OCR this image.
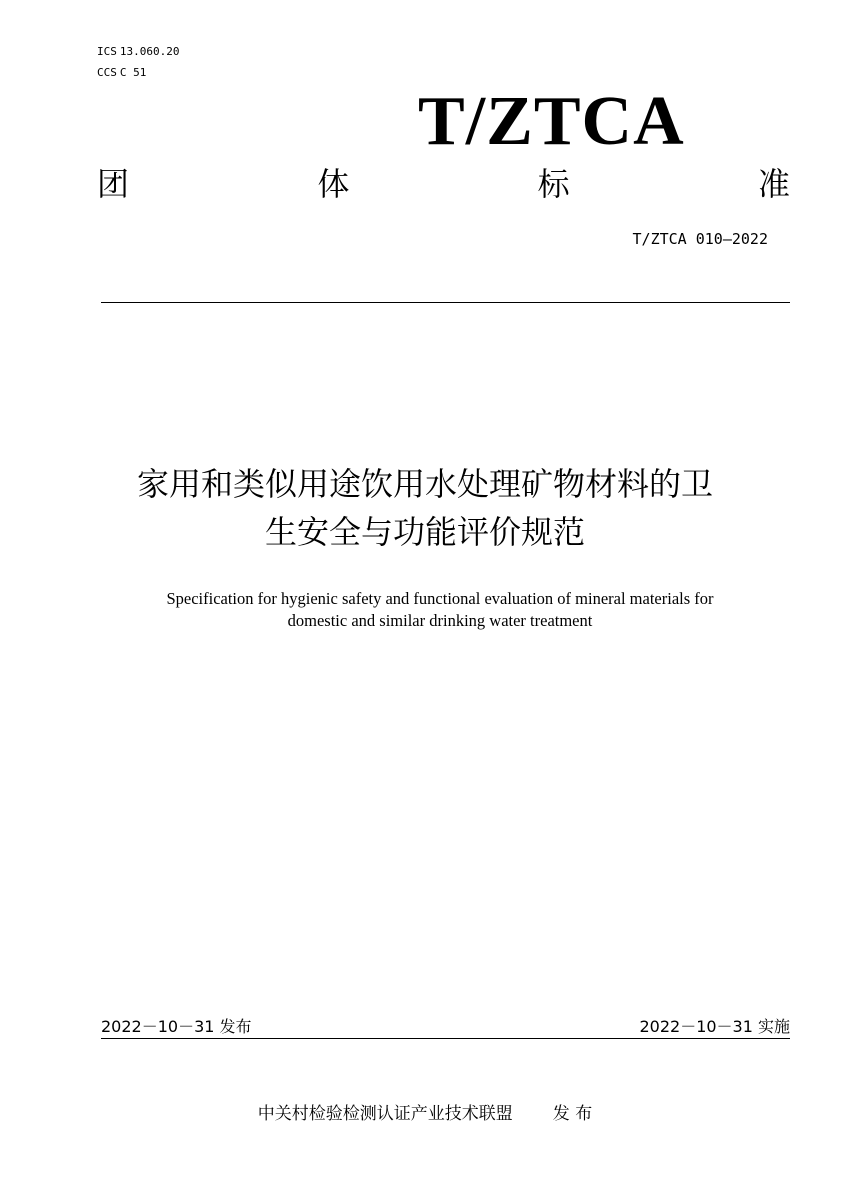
ICS 13.060.20
CCS C 51
T/ZTCA
团	体	标	准
T/ZTCA 010—2022
家用和类似用途饮用水处理矿物材料的卫
生安全与功能评价规范
Specification for hygienic safety and functional evaluation of mineral materials for
domestic and similar drinking water treatment
2022－10－31 发布	2022－10－31 实施
中关村检验检测认证产业技术联盟 发 布
